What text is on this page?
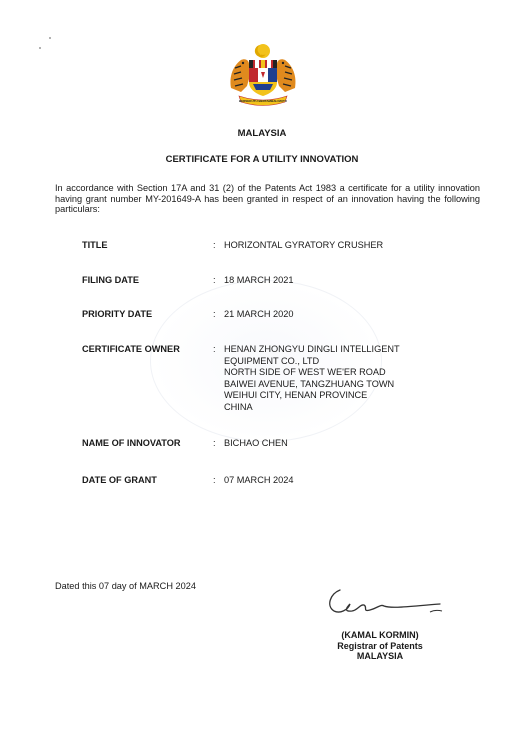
BERSEKUTU BERTAMBAH MUTU
MALAYSIA
CERTIFICATE FOR A UTILITY INNOVATION
In accordance with Section 17A and 31 (2) of the Patents Act 1983 a certificate for a utility innovation having grant number MY-201649-A has been granted in respect of an innovation having the following particulars:
TITLE	: HORIZONTAL GYRATORY CRUSHER
FILING DATE	: 18 MARCH 2021
PRIORITY DATE	: 21 MARCH 2020
CERTIFICATE OWNER	: HENAN ZHONGYU DINGLI INTELLIGENT
EQUIPMENT CO., LTD
NORTH SIDE OF WEST WE'ER ROAD
BAIWEI AVENUE, TANGZHUANG TOWN
WEIHUI CITY, HENAN PROVINCE
CHINA
NAME OF INNOVATOR	: BICHAO CHEN
DATE OF GRANT	: 07 MARCH 2024
Dated this 07 day of MARCH 2024
(KAMAL KORMIN)
Registrar of Patents
MALAYSIA
